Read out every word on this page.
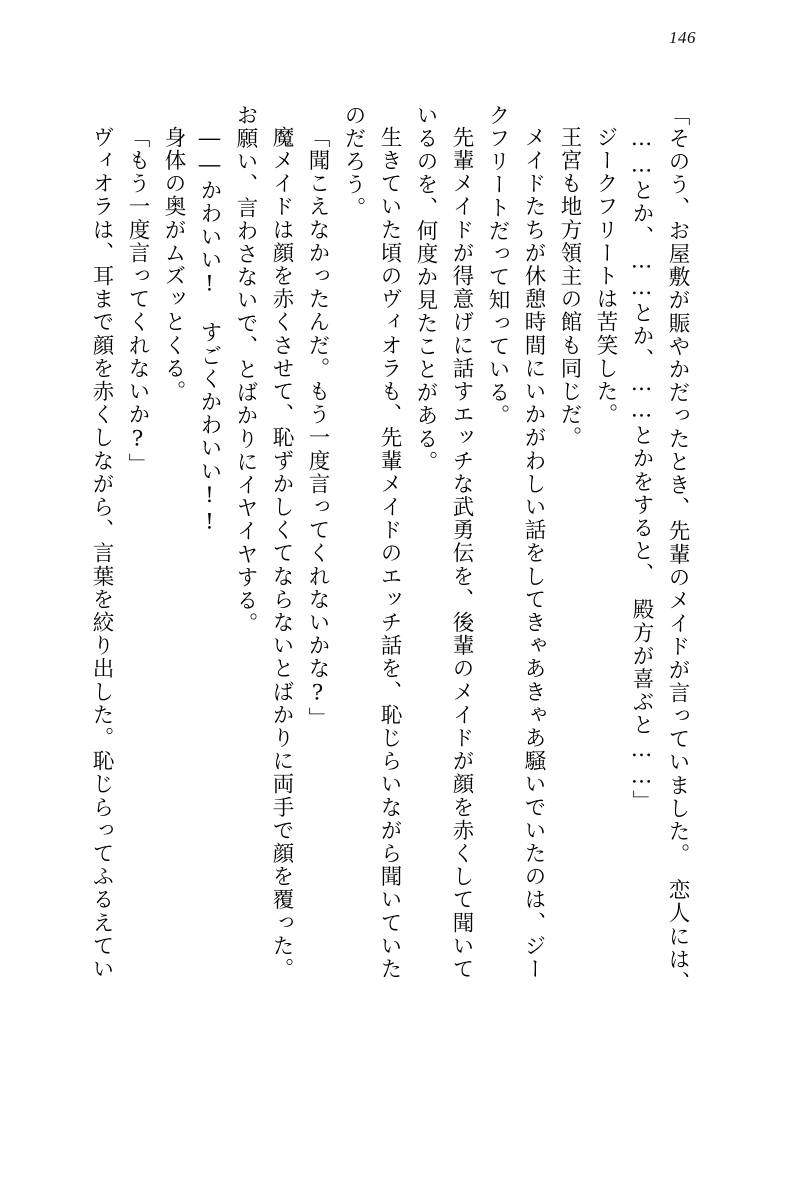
146
「そのう、お屋敷が賑やかだったとき、先輩のメイドが言っていました。　恋人には、
……とか、……とか、……とかをすると、　殿方が喜ぶと……」
ジークフリートは苦笑した。
王宮も地方領主の館も同じだ。
メイドたちが休憩時間にいかがわしい話をしてきゃあきゃあ騒いでいたのは、ジー
クフリートだって知っている。
先輩メイドが得意げに話すエッチな武勇伝を、後輩のメイドが顔を赤くして聞いて
いるのを、何度か見たことがある。
生きていた頃のヴィオラも、先輩メイドのエッチ話を、恥じらいながら聞いていた
のだろう。
「聞こえなかったんだ。もう一度言ってくれないかな?」
魔メイドは顔を赤くさせて、恥ずかしくてならないとばかりに両手で顔を覆った。
お願い、言わさないで、とばかりにイヤイヤする。
――かわいい!　すごくかわいい!!
身体の奥がムズッとくる。
「もう一度言ってくれないか?」
ヴィオラは、耳まで顔を赤くしながら、言葉を絞り出した。恥じらってふるえてい
